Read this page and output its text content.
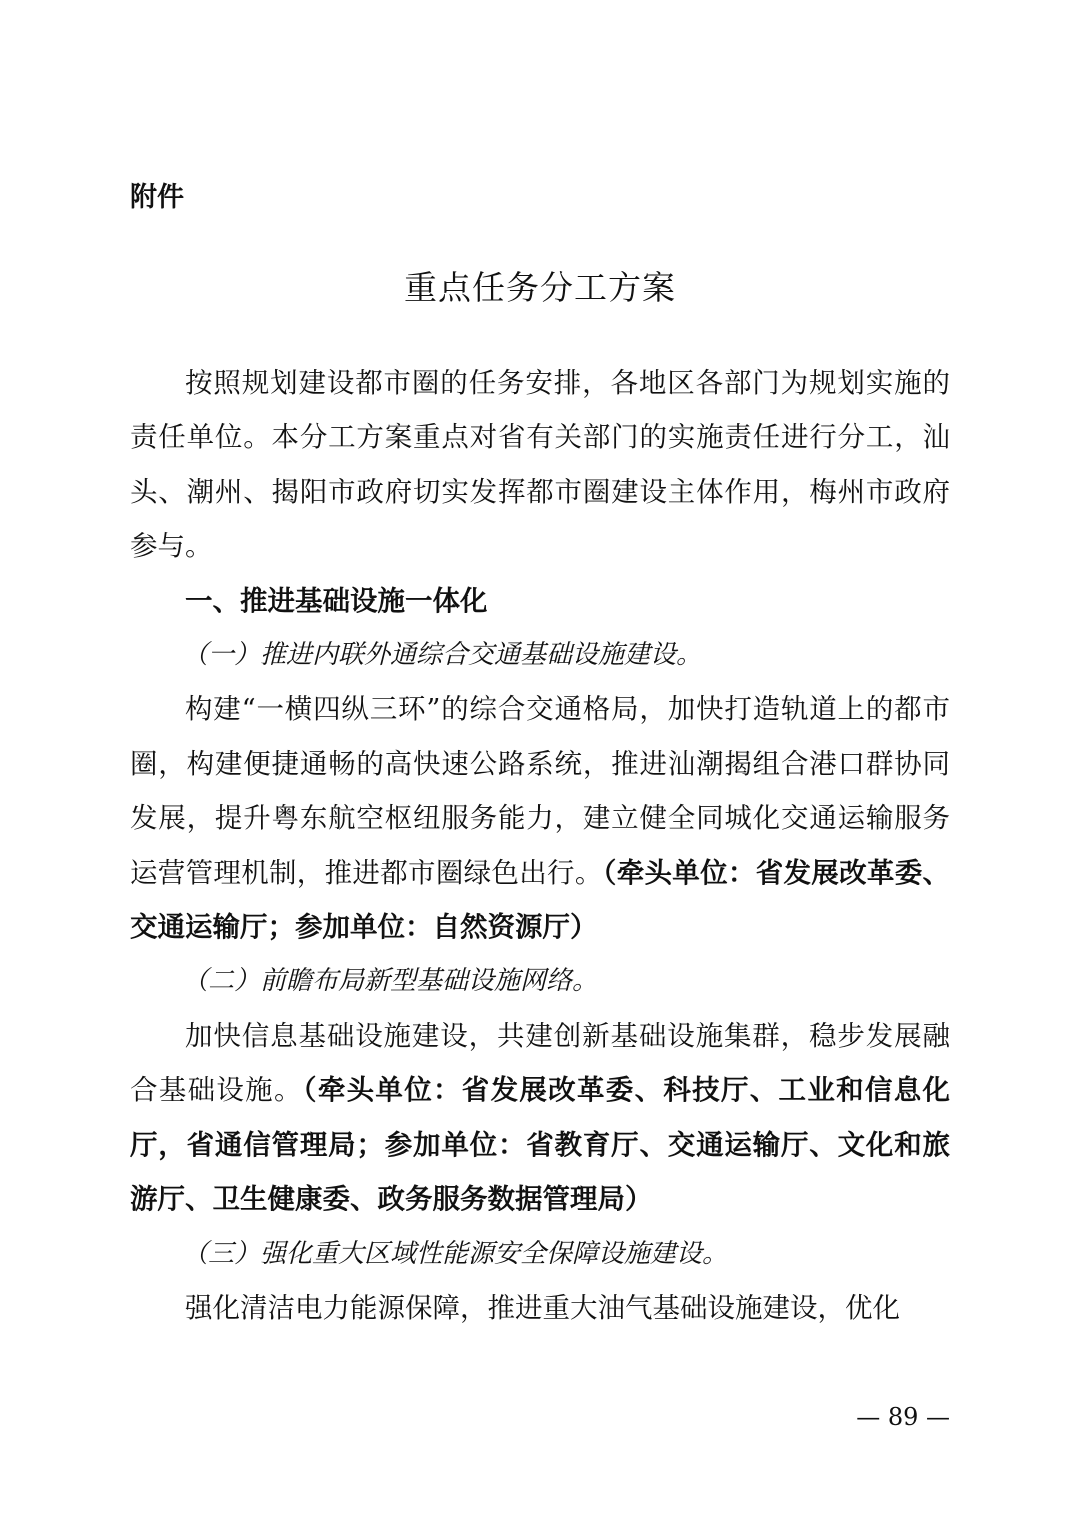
附件
重点任务分工方案

按照规划建设都市圈的任务安排，各地区各部门为规划实施的责任单位。本分工方案重点对省有关部门的实施责任进行分工，汕头、潮州、揭阳市政府切实发挥都市圈建设主体作用，梅州市政府参与。

一、推进基础设施一体化

（一）推进内联外通综合交通基础设施建设。

构建“一横四纵三环”的综合交通格局，加快打造轨道上的都市圈，构建便捷通畅的高快速公路系统，推进汕潮揭组合港口群协同发展，提升粤东航空枢纽服务能力，建立健全同城化交通运输服务运营管理机制，推进都市圈绿色出行。（牵头单位：省发展改革委、交通运输厅；参加单位：自然资源厅）

（二）前瞻布局新型基础设施网络。

加快信息基础设施建设，共建创新基础设施集群，稳步发展融合基础设施。（牵头单位：省发展改革委、科技厅、工业和信息化厅，省通信管理局；参加单位：省教育厅、交通运输厅、文化和旅游厅、卫生健康委、政务服务数据管理局）

（三）强化重大区域性能源安全保障设施建设。

强化清洁电力能源保障，推进重大油气基础设施建设，优化

— 89 —
